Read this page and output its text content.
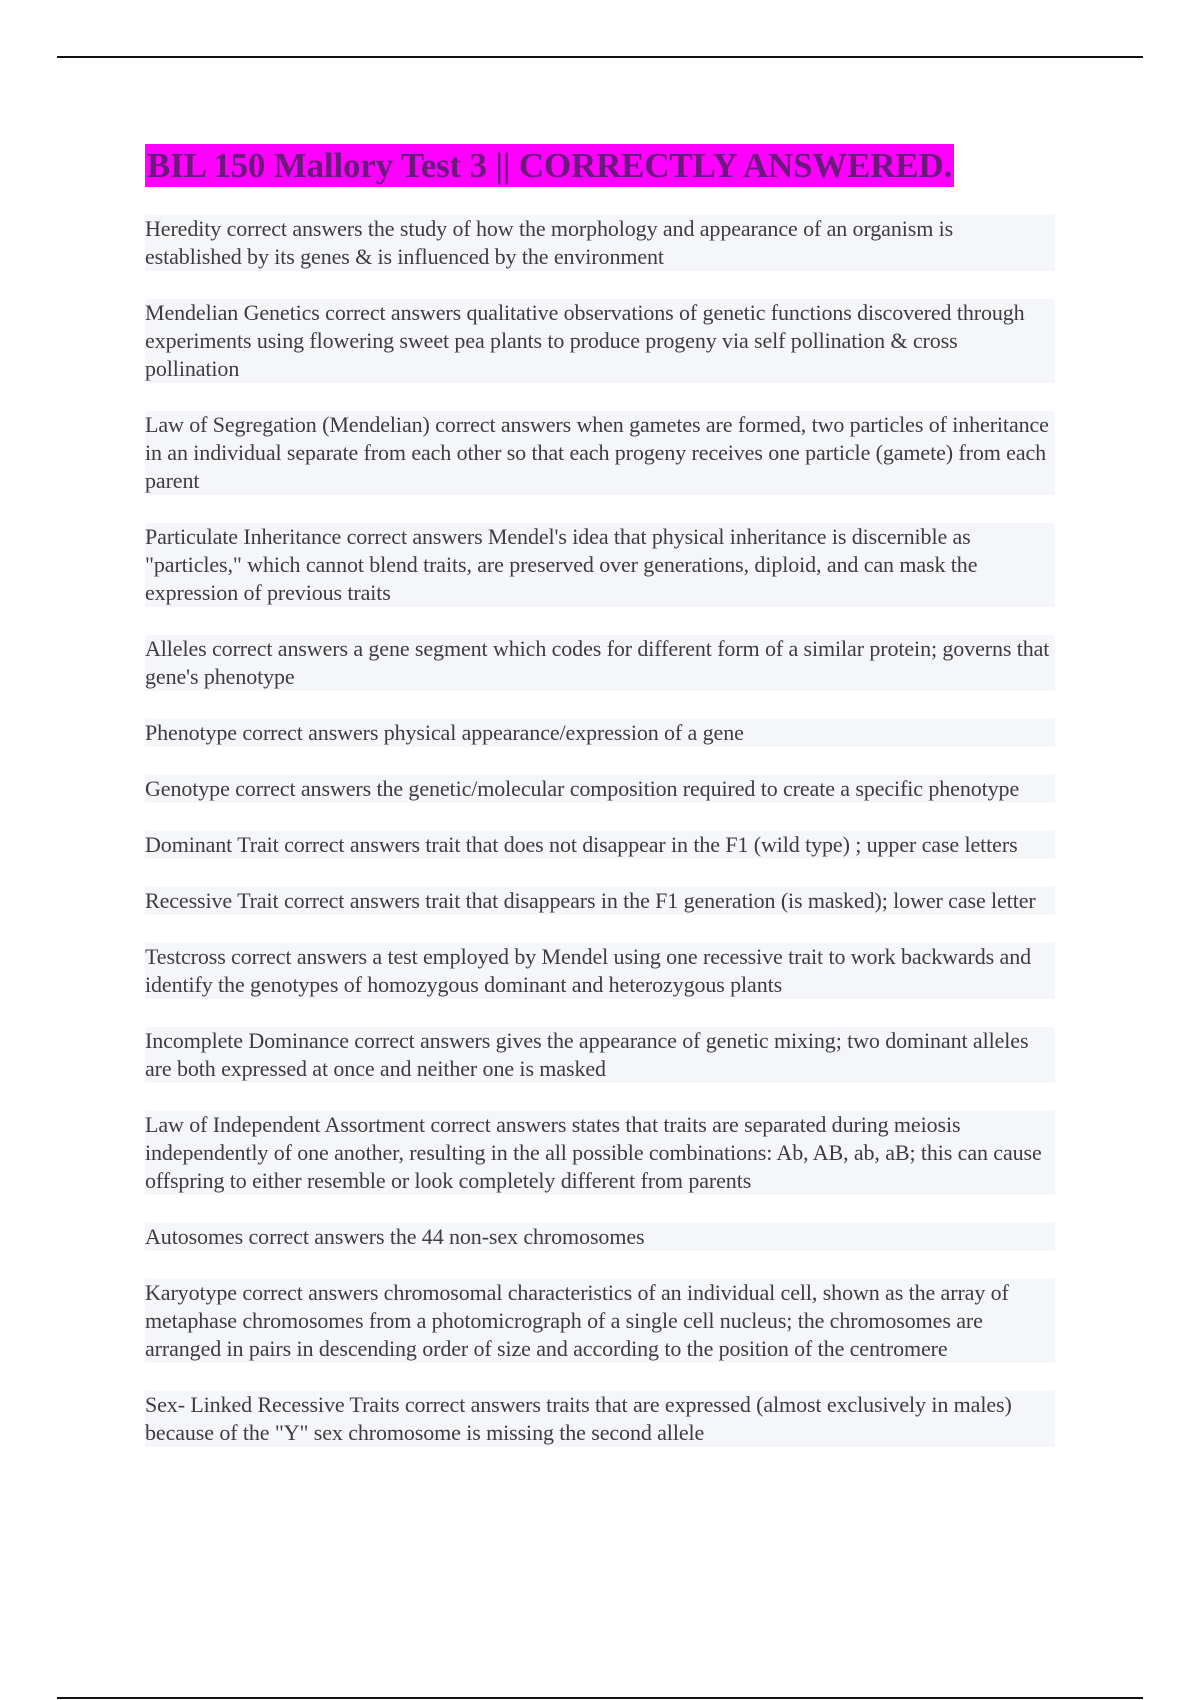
BIL 150 Mallory Test 3 || CORRECTLY ANSWERED.

Heredity correct answers the study of how the morphology and appearance of an organism is established by its genes & is influenced by the environment

Mendelian Genetics correct answers qualitative observations of genetic functions discovered through experiments using flowering sweet pea plants to produce progeny via self pollination & cross pollination

Law of Segregation (Mendelian) correct answers when gametes are formed, two particles of inheritance in an individual separate from each other so that each progeny receives one particle (gamete) from each parent

Particulate Inheritance correct answers Mendel's idea that physical inheritance is discernible as "particles," which cannot blend traits, are preserved over generations, diploid, and can mask the expression of previous traits

Alleles correct answers a gene segment which codes for different form of a similar protein; governs that gene's phenotype

Phenotype correct answers physical appearance/expression of a gene

Genotype correct answers the genetic/molecular composition required to create a specific phenotype

Dominant Trait correct answers trait that does not disappear in the F1 (wild type) ; upper case letters

Recessive Trait correct answers trait that disappears in the F1 generation (is masked); lower case letter

Testcross correct answers a test employed by Mendel using one recessive trait to work backwards and identify the genotypes of homozygous dominant and heterozygous plants

Incomplete Dominance correct answers gives the appearance of genetic mixing; two dominant alleles are both expressed at once and neither one is masked

Law of Independent Assortment correct answers states that traits are separated during meiosis independently of one another, resulting in the all possible combinations: Ab, AB, ab, aB; this can cause offspring to either resemble or look completely different from parents

Autosomes correct answers the 44 non-sex chromosomes

Karyotype correct answers chromosomal characteristics of an individual cell, shown as the array of metaphase chromosomes from a photomicrograph of a single cell nucleus; the chromosomes are arranged in pairs in descending order of size and according to the position of the centromere

Sex- Linked Recessive Traits correct answers traits that are expressed (almost exclusively in males) because of the "Y" sex chromosome is missing the second allele
